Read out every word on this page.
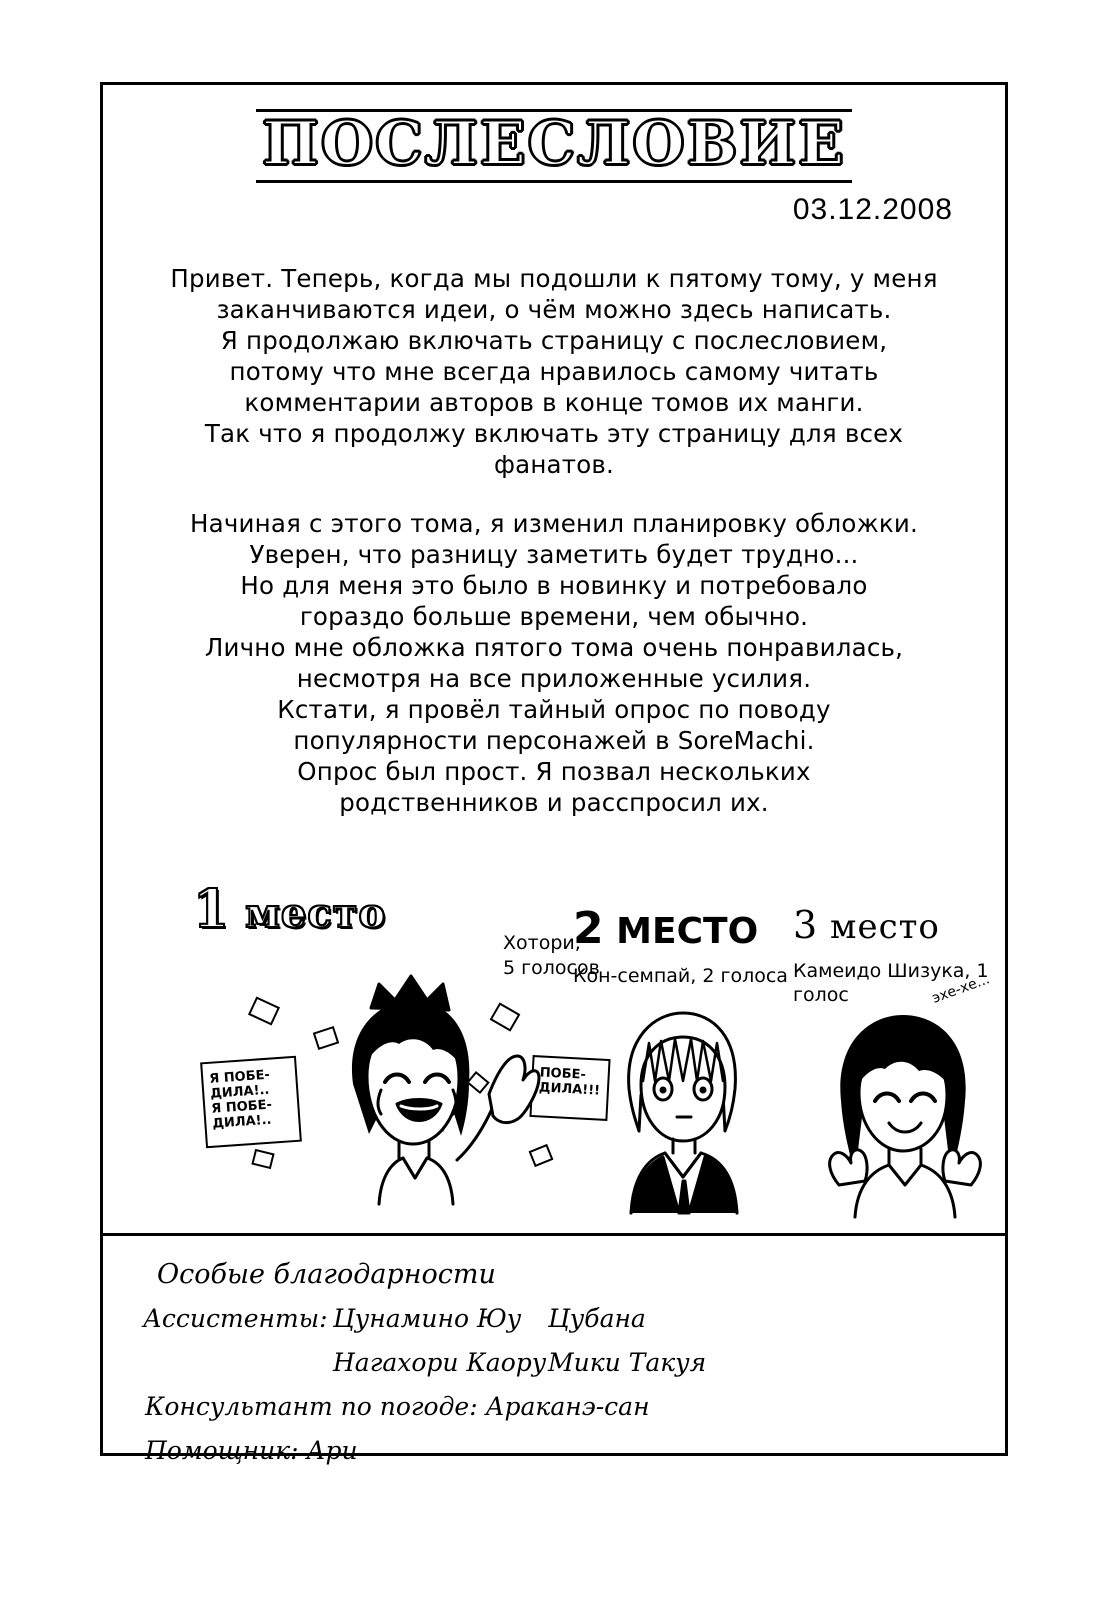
ПОСЛЕСЛОВИЕ
03.12.2008

Привет. Теперь, когда мы подошли к пятому тому, у меня

заканчиваются идеи, о чём можно здесь написать.

Я продолжаю включать страницу с послесловием,

потому что мне всегда нравилось самому читать

комментарии авторов в конце томов их манги.

Так что я продолжу включать эту страницу для всех фанатов.

Начиная с этого тома, я изменил планировку обложки.

Уверен, что разницу заметить будет трудно...

Но для меня это было в новинку и потребовало

гораздо больше времени, чем обычно.

Лично мне обложка пятого тома очень понравилась,

несмотря на все приложенные усилия.

Кстати, я провёл тайный опрос по поводу

популярности персонажей в SoreMachi.

Опрос был прост. Я позвал нескольких

родственников и расспросил их.

1 место
Хотори,
5 голосов
Я ПОБЕ-
ДИЛА!..
Я ПОБЕ-
ДИЛА!..
ПОБЕ-
ДИЛА!!!
2 МЕСТО
Кон-семпай, 2 голоса
3 место
Камеидо Шизука, 1 голос	эхе-хе...
Особые благодарности
Ассистенты: Цунамино Юу	Цубана
Нагахори Каору Мики Такуя
Консультант по погоде: Араканэ-сан
Помощник: Ари
